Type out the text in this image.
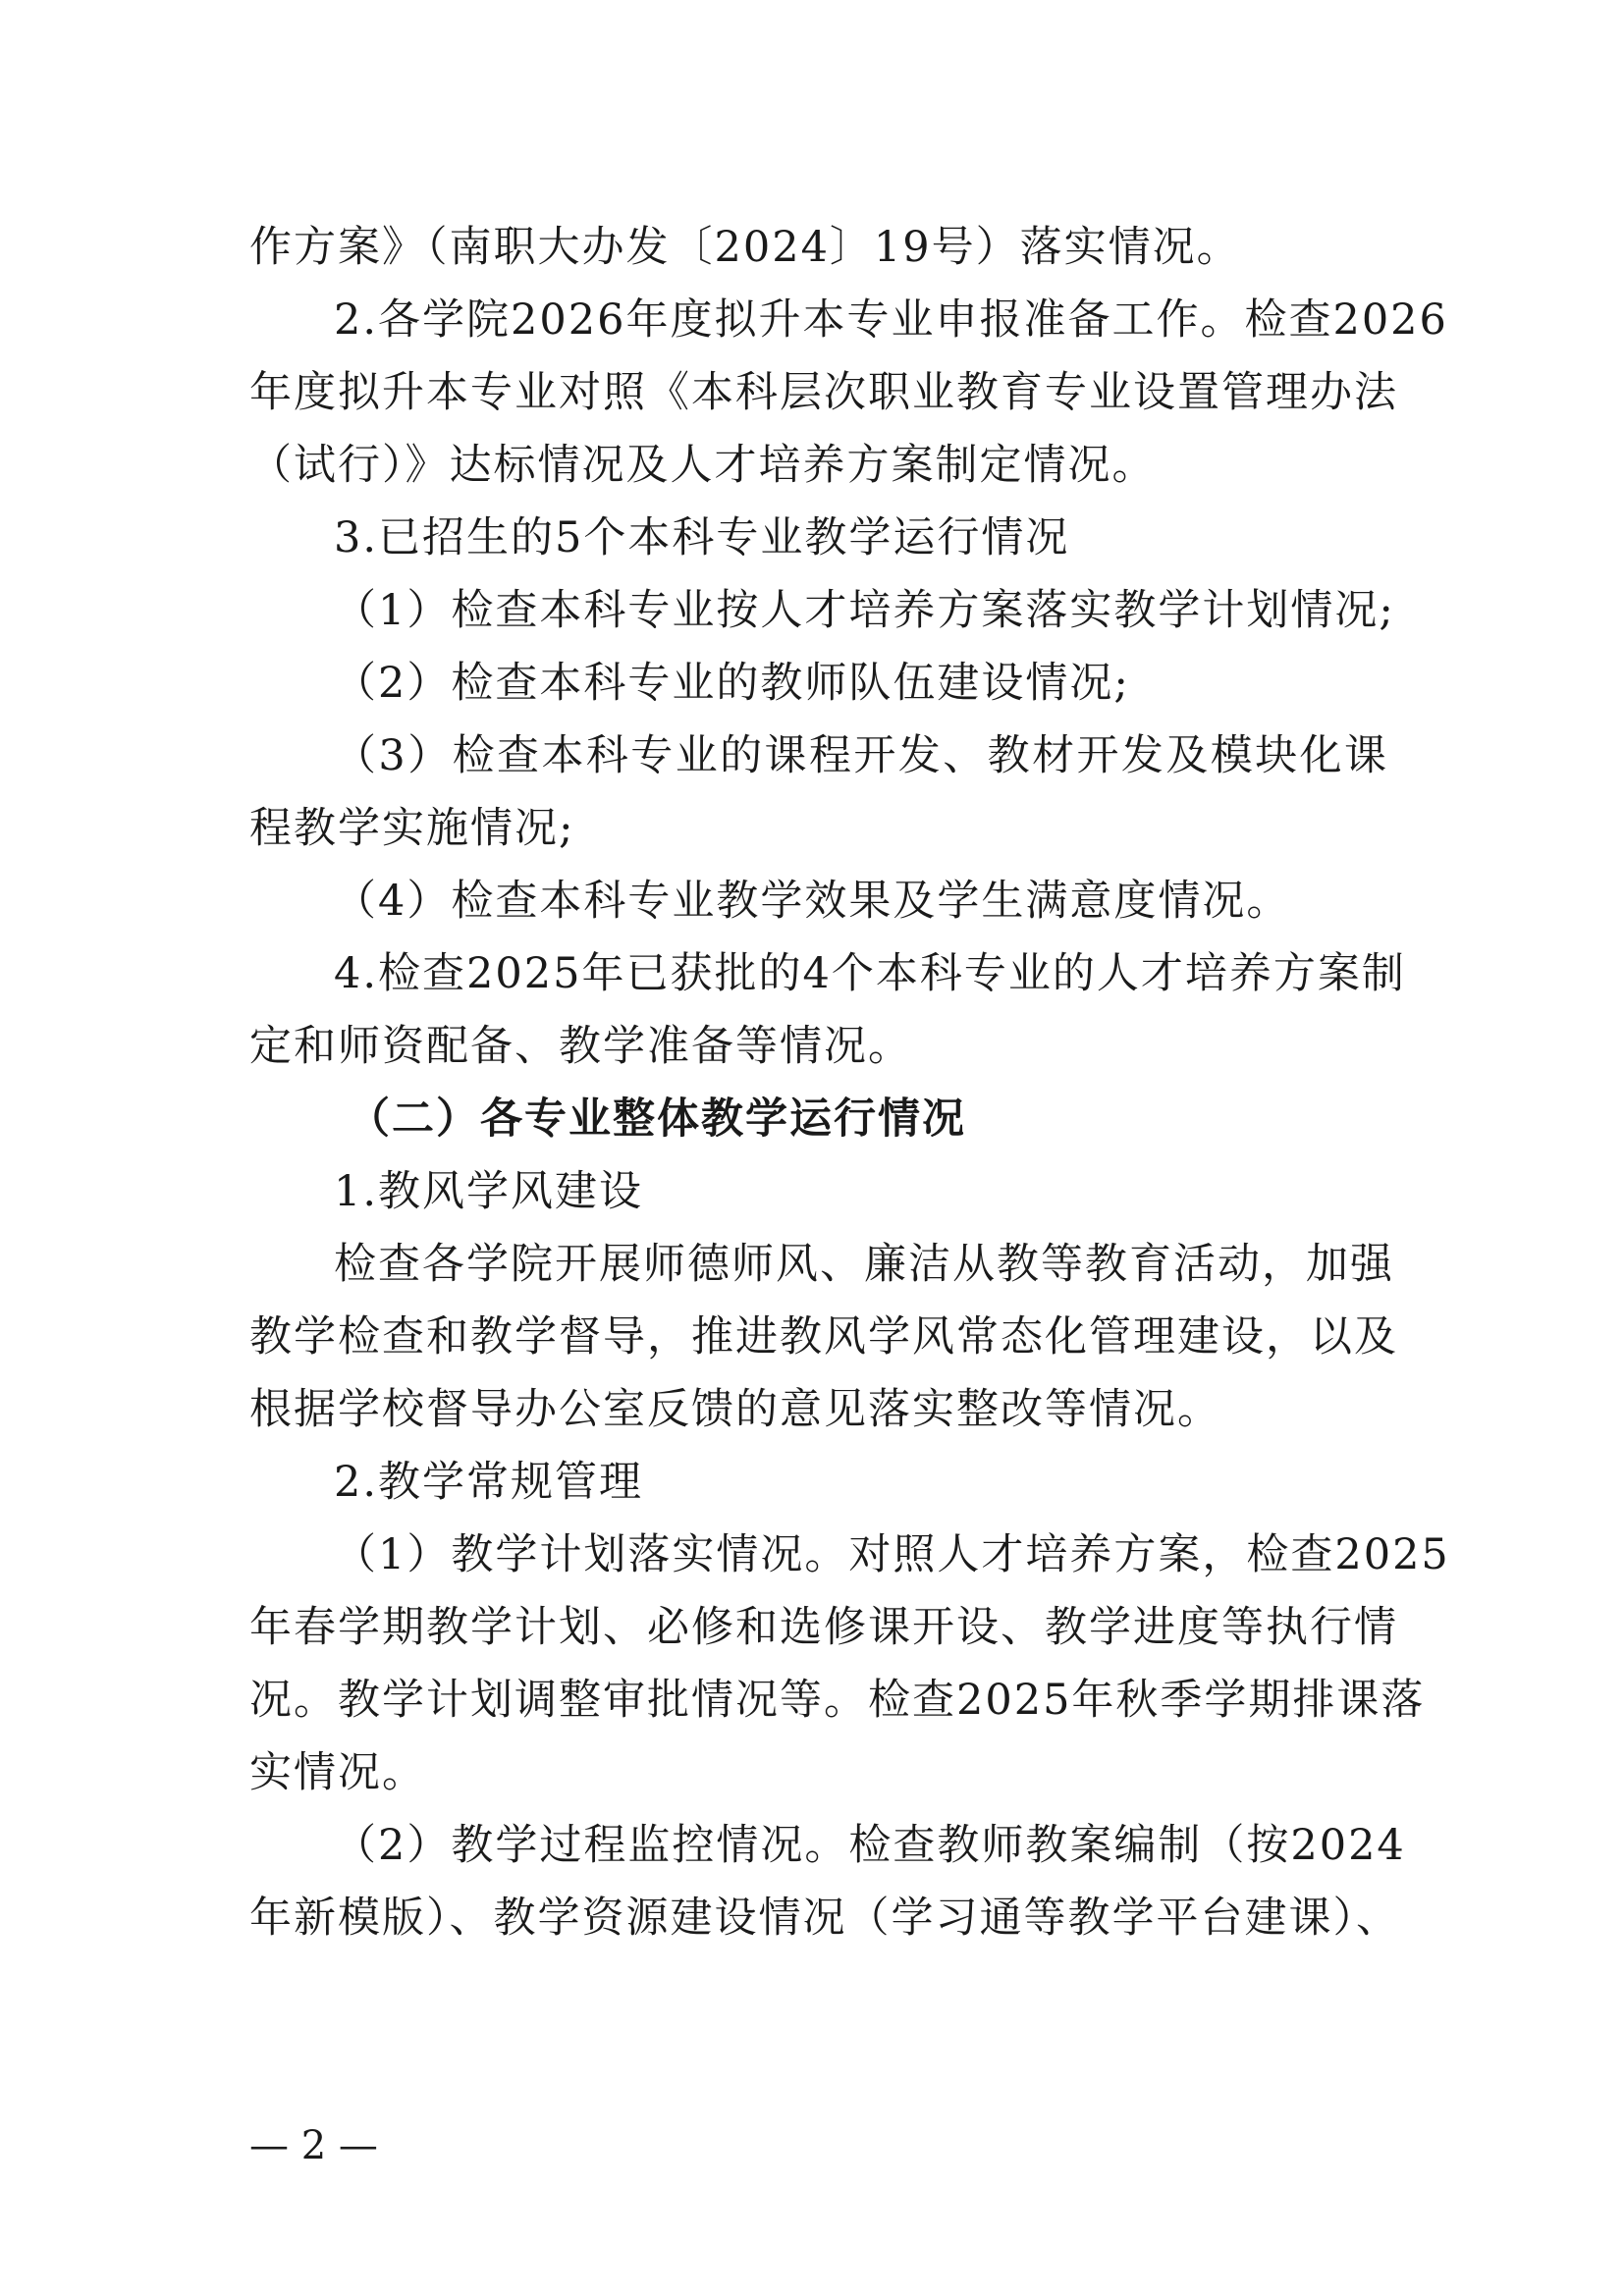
作方案》（南职大办发〔2024〕19号）落实情况。
2.各学院2026年度拟升本专业申报准备工作。检查2026
年度拟升本专业对照《本科层次职业教育专业设置管理办法
（试行）》达标情况及人才培养方案制定情况。
3.已招生的5个本科专业教学运行情况
（1）检查本科专业按人才培养方案落实教学计划情况;
（2）检查本科专业的教师队伍建设情况;
（3）检查本科专业的课程开发、教材开发及模块化课
程教学实施情况;
（4）检查本科专业教学效果及学生满意度情况。
4.检查2025年已获批的4个本科专业的人才培养方案制
定和师资配备、教学准备等情况。
（二）各专业整体教学运行情况
1.教风学风建设
检查各学院开展师德师风、廉洁从教等教育活动，加强
教学检查和教学督导，推进教风学风常态化管理建设，以及
根据学校督导办公室反馈的意见落实整改等情况。
2.教学常规管理
（1）教学计划落实情况。对照人才培养方案，检查2025
年春学期教学计划、必修和选修课开设、教学进度等执行情
况。教学计划调整审批情况等。检查2025年秋季学期排课落
实情况。
（2）教学过程监控情况。检查教师教案编制（按2024
年新模版）、教学资源建设情况（学习通等教学平台建课）、
— 2 —
